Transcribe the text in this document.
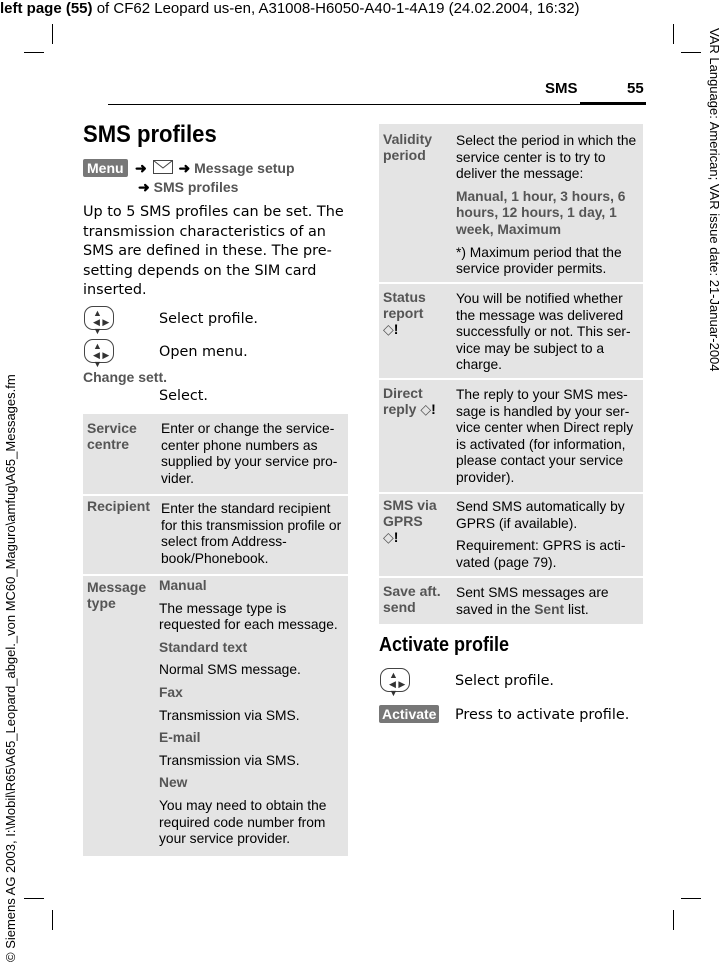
left page (55) of CF62 Leopard us-en, A31008-H6050-A40-1-4A19 (24.02.2004, 16:32)
© Siemens AG 2003, I:\Mobil\R65\A65_Leopard_abgel._von MC60_Maguro\amfug\A65_Messages.fm
VAR Language: American; VAR issue date: 21-Januar-2004
SMS	55
SMS profiles
Menu ➜ ➜ Message setup
➜ SMS profiles

Up to 5 SMS profiles can be set. The transmission characteristics of an SMS are defined in these. The pre-setting depends on the SIM card inserted.

▲
◀ ▶
▼
Select profile.
▲
◀ ▶
▼
Open menu.
Change sett.
Select.
Service centre
Enter or change the service-center phone numbers as supplied by your service pro-vider.
Recipient Enter the standard recipient for this transmission profile or select from Address-book/Phonebook.
Message type

Manual

The message type is requested for each message.

Standard text

Normal SMS message.

Fax

Transmission via SMS.

E-mail

Transmission via SMS.

New

You may need to obtain the required code number from your service provider.

Validity period

Select the period in which the service center is to try to deliver the message:

Manual, 1 hour, 3 hours, 6 hours, 12 hours, 1 day, 1 week, Maximum

*) Maximum period that the service provider permits.

Status report
◇!
You will be notified whether the message was delivered successfully or not. This ser-vice may be subject to a charge.
Direct reply ◇!
The reply to your SMS mes-sage is handled by your ser-vice center when Direct reply is activated (for information, please contact your service provider).
SMS via GPRS
◇!

Send SMS automatically by GPRS (if available).

Requirement: GPRS is acti-vated (page 79).

Save aft. send
Sent SMS messages are saved in the Sent list.
Activate profile
▲
◀ ▶
▼
Select profile.
Activate Press to activate profile.
